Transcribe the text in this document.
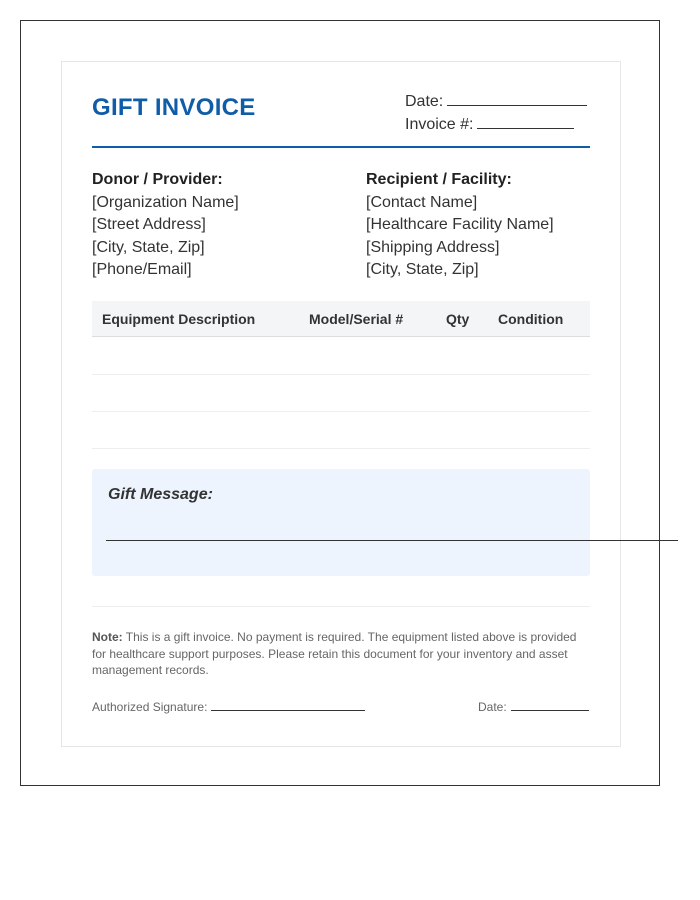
GIFT INVOICE	Date:
Invoice #:
Donor / Provider:
[Organization Name]
[Street Address]
[City, State, Zip]
[Phone/Email]
Recipient / Facility:
[Contact Name]
[Healthcare Facility Name]
[Shipping Address]
[City, State, Zip]
Equipment Description	Model/Serial #	Qty Condition
Gift Message:

Note: This is a gift invoice. No payment is required. The equipment listed above is provided for healthcare support purposes. Please retain this document for your inventory and asset management records.

Authorized Signature:	Date:
